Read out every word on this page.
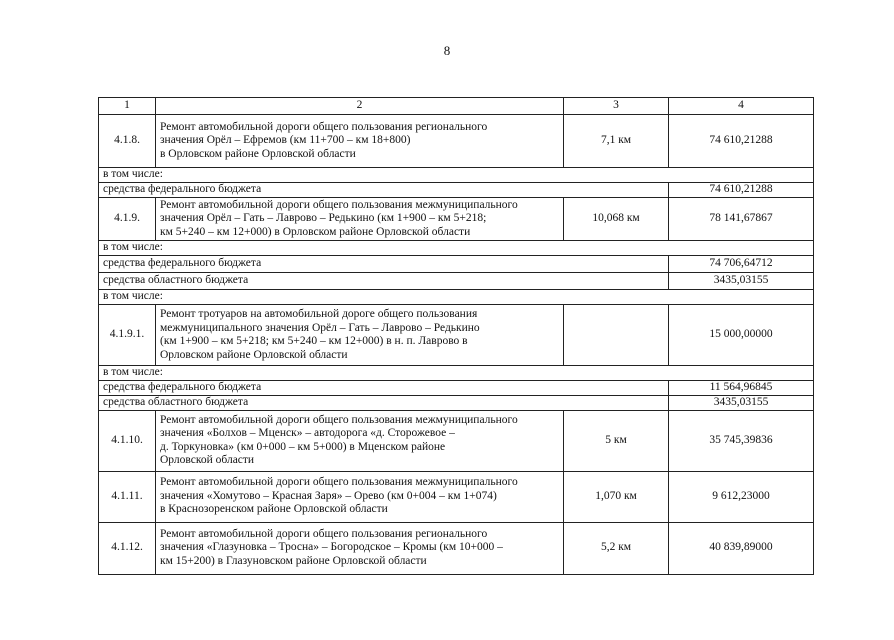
8
1	2	3	4
4.1.8.	Ремонт автомобильной дороги общего пользования регионального
значения Орёл – Ефремов (км 11+700 – км 18+800)
в Орловском районе Орловской области	7,1 км	74 610,21288
в том числе:			
средства федерального бюджета			74 610,21288
4.1.9.	Ремонт автомобильной дороги общего пользования межмуниципального
значения Орёл – Гать – Лаврово – Редькино (км 1+900 – км 5+218;
км 5+240 – км 12+000) в Орловском районе Орловской области	10,068 км	78 141,67867
в том числе:			
средства федерального бюджета			74 706,64712
средства областного бюджета			3435,03155
в том числе:			
4.1.9.1.	Ремонт тротуаров на автомобильной дороге общего пользования
межмуниципального значения Орёл – Гать – Лаврово – Редькино
(км 1+900 – км 5+218; км 5+240 – км 12+000) в н. п. Лаврово в
Орловском районе Орловской области		15 000,00000
в том числе:			
средства федерального бюджета			11 564,96845
средства областного бюджета			3435,03155
4.1.10.	Ремонт автомобильной дороги общего пользования межмуниципального
значения «Болхов – Мценск» – автодорога «д. Сторожевое –
д. Торкуновка» (км 0+000 – км 5+000) в Мценском районе
Орловской области	5 км	35 745,39836
4.1.11.	Ремонт автомобильной дороги общего пользования межмуниципального
значения «Хомутово – Красная Заря» – Орево (км 0+004 – км 1+074)
в Краснозоренском районе Орловской области	1,070 км	9 612,23000
4.1.12.	Ремонт автомобильной дороги общего пользования регионального
значения «Глазуновка – Тросна» – Богородское – Кромы (км 10+000 –
км 15+200) в Глазуновском районе Орловской области	5,2 км	40 839,89000
